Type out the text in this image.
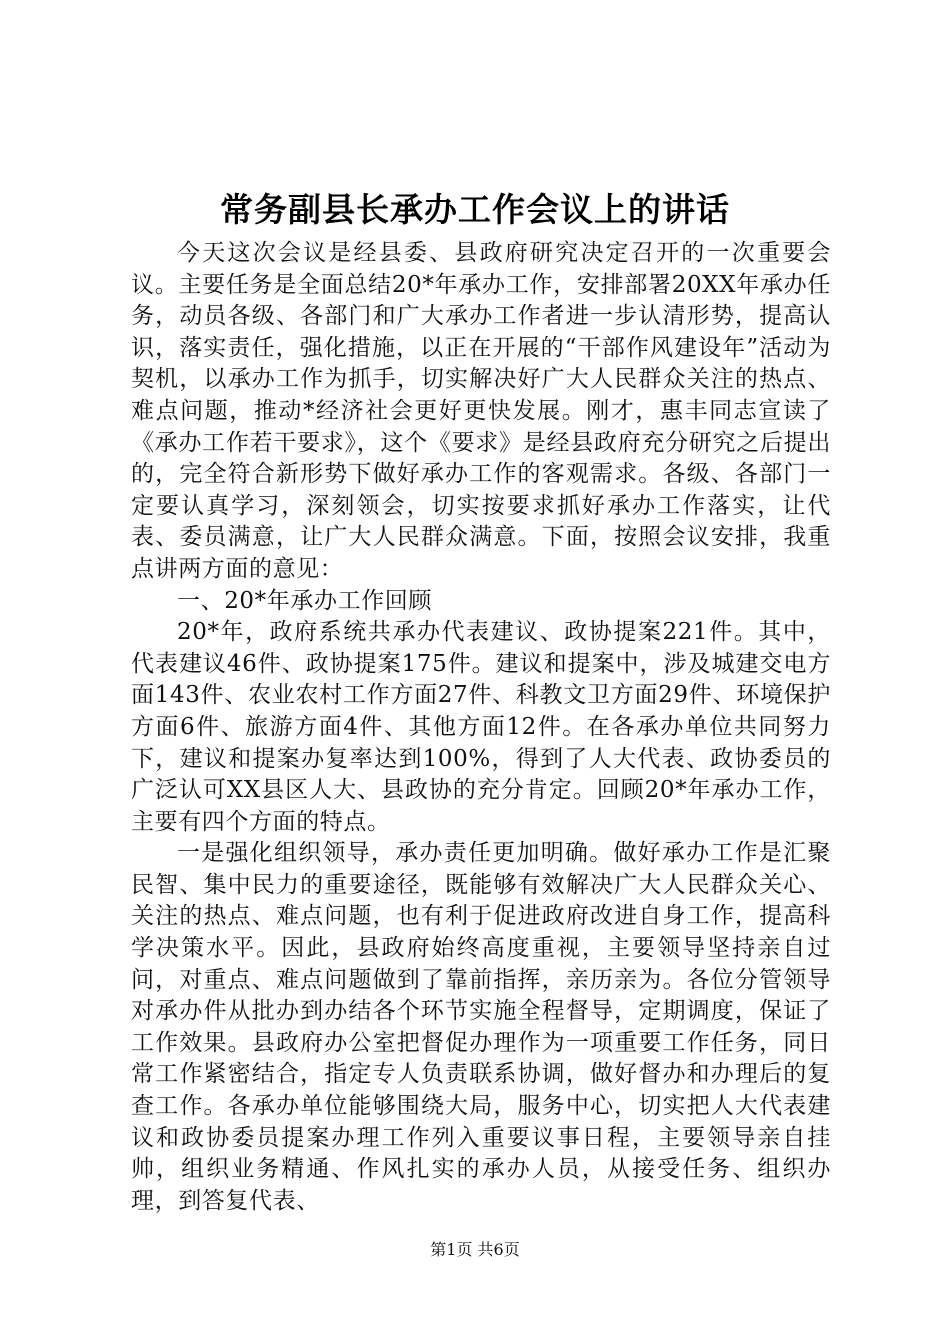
常务副县长承办工作会议上的讲话

今天这次会议是经县委、县政府研究决定召开的一次重要会议。主要任务是全面总结20*年承办工作，安排部署20XX年承办任务，动员各级、各部门和广大承办工作者进一步认清形势，提高认识，落实责任，强化措施，以正在开展的“干部作风建设年”活动为契机，以承办工作为抓手，切实解决好广大人民群众关注的热点、难点问题，推动*经济社会更好更快发展。刚才，惠丰同志宣读了《承办工作若干要求》，这个《要求》是经县政府充分研究之后提出的，完全符合新形势下做好承办工作的客观需求。各级、各部门一定要认真学习，深刻领会，切实按要求抓好承办工作落实，让代表、委员满意，让广大人民群众满意。下面，按照会议安排，我重点讲两方面的意见：

一、20*年承办工作回顾

20*年，政府系统共承办代表建议、政协提案221件。其中，代表建议46件、政协提案175件。建议和提案中，涉及城建交电方面143件、农业农村工作方面27件、科教文卫方面29件、环境保护方面6件、旅游方面4件、其他方面12件。在各承办单位共同努力下，建议和提案办复率达到100%，得到了人大代表、政协委员的广泛认可XX县区人大、县政协的充分肯定。回顾20*年承办工作，主要有四个方面的特点。

一是强化组织领导，承办责任更加明确。做好承办工作是汇聚民智、集中民力的重要途径，既能够有效解决广大人民群众关心、关注的热点、难点问题，也有利于促进政府改进自身工作，提高科学决策水平。因此，县政府始终高度重视，主要领导坚持亲自过问，对重点、难点问题做到了靠前指挥，亲历亲为。各位分管领导对承办件从批办到办结各个环节实施全程督导，定期调度，保证了工作效果。县政府办公室把督促办理作为一项重要工作任务，同日常工作紧密结合，指定专人负责联系协调，做好督办和办理后的复查工作。各承办单位能够围绕大局，服务中心，切实把人大代表建议和政协委员提案办理工作列入重要议事日程，主要领导亲自挂帅，组织业务精通、作风扎实的承办人员，从接受任务、组织办理，到答复代表、

第1页 共6页
